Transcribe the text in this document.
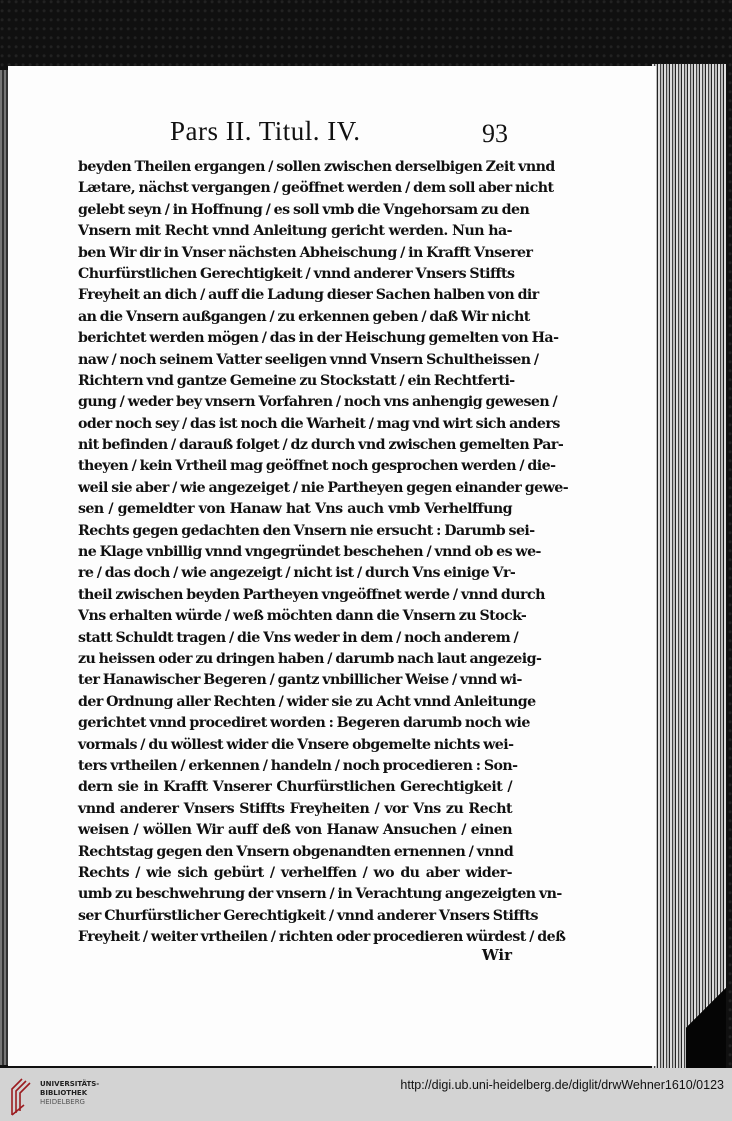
Pars II. Titul. IV.	93
beyden Theilen ergangen / sollen zwischen derselbigen Zeit vnnd
Lætare, nächst vergangen / geöffnet werden / dem soll aber nicht
gelebt seyn / in Hoffnung / es soll vmb die Vngehorsam zu den
Vnsern mit Recht vnnd Anleitung gericht werden. Nun ha-
ben Wir dir in Vnser nächsten Abheischung / in Krafft Vnserer
Churfürstlichen Gerechtigkeit / vnnd anderer Vnsers Stiffts
Freyheit an dich / auff die Ladung dieser Sachen halben von dir
an die Vnsern außgangen / zu erkennen geben / daß Wir nicht
berichtet werden mögen / das in der Heischung gemelten von Ha-
naw / noch seinem Vatter seeligen vnnd Vnsern Schultheissen /
Richtern vnd gantze Gemeine zu Stockstatt / ein Rechtferti-
gung / weder bey vnsern Vorfahren / noch vns anhengig gewesen /
oder noch sey / das ist noch die Warheit / mag vnd wirt sich anders
nit befinden / darauß folget / dz durch vnd zwischen gemelten Par-
theyen / kein Vrtheil mag geöffnet noch gesprochen werden / die-
weil sie aber / wie angezeiget / nie Partheyen gegen einander gewe-
sen / gemeldter von Hanaw hat Vns auch vmb Verhelffung
Rechts gegen gedachten den Vnsern nie ersucht : Darumb sei-
ne Klage vnbillig vnnd vngegründet beschehen / vnnd ob es we-
re / das doch / wie angezeigt / nicht ist / durch Vns einige Vr-
theil zwischen beyden Partheyen vngeöffnet werde / vnnd durch
Vns erhalten würde / weß möchten dann die Vnsern zu Stock-
statt Schuldt tragen / die Vns weder in dem / noch anderem /
zu heissen oder zu dringen haben / darumb nach laut angezeig-
ter Hanawischer Begeren / gantz vnbillicher Weise / vnnd wi-
der Ordnung aller Rechten / wider sie zu Acht vnnd Anleitunge
gerichtet vnnd procediret worden : Begeren darumb noch wie
vormals / du wöllest wider die Vnsere obgemelte nichts wei-
ters vrtheilen / erkennen / handeln / noch procedieren : Son-
dern sie in Krafft Vnserer Churfürstlichen Gerechtigkeit /
vnnd anderer Vnsers Stiffts Freyheiten / vor Vns zu Recht
weisen / wöllen Wir auff deß von Hanaw Ansuchen / einen
Rechtstag gegen den Vnsern obgenandten ernennen / vnnd
Rechts / wie sich gebürt / verhelffen / wo du aber wider-
umb zu beschwehrung der vnsern / in Verachtung angezeigten vn-
ser Churfürstlicher Gerechtigkeit / vnnd anderer Vnsers Stiffts
Freyheit / weiter vrtheilen / richten oder procedieren würdest / deß
Wir
UNIVERSITÄTS-
BIBLIOTHEK
HEIDELBERG
http://digi.ub.uni-heidelberg.de/diglit/drwWehner1610/0123
